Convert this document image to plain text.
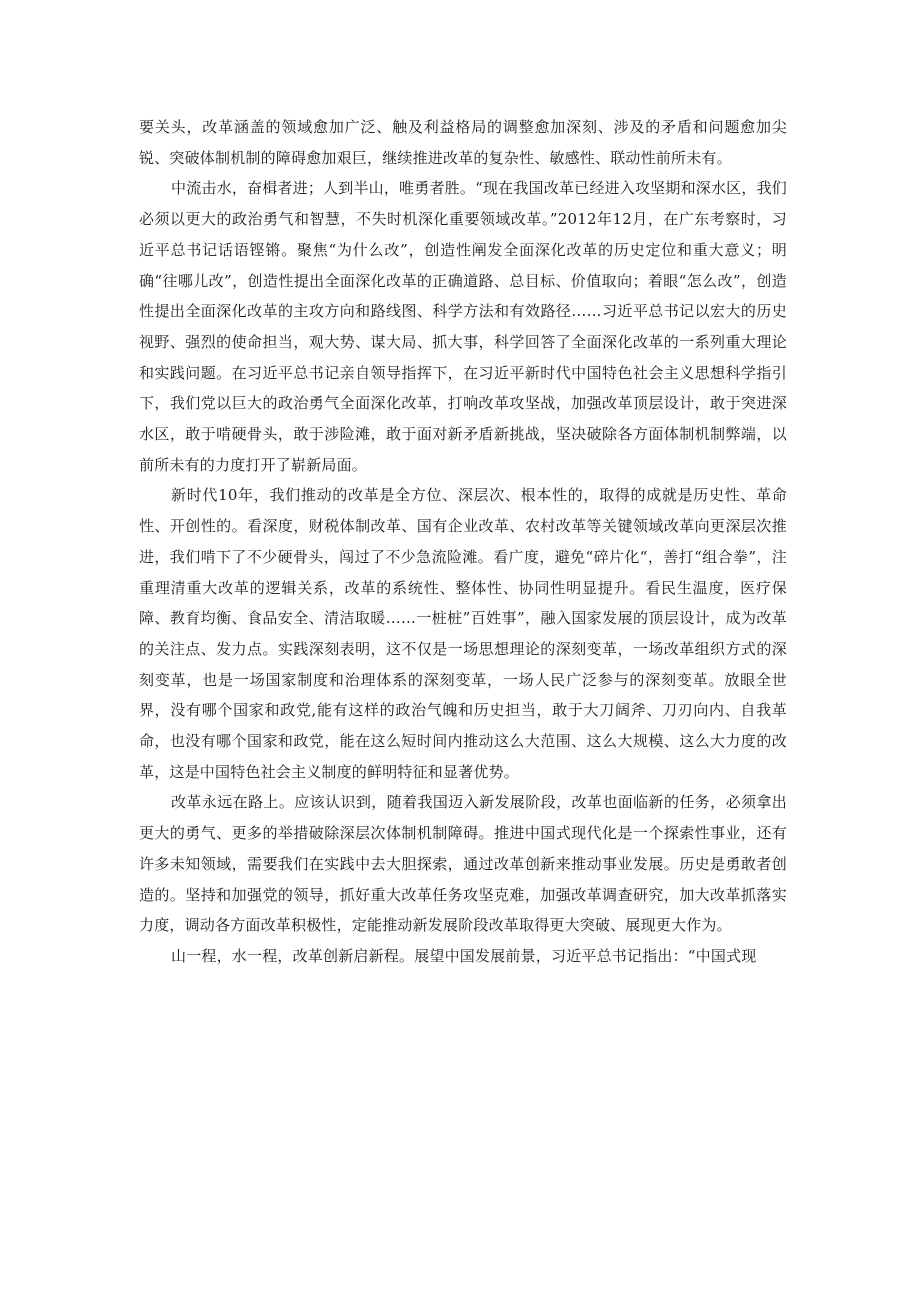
要关头，改革涵盖的领域愈加广泛、触及利益格局的调整愈加深刻、涉及的矛盾和问题愈加尖锐、突破体制机制的障碍愈加艰巨，继续推进改革的复杂性、敏感性、联动性前所未有。

中流击水，奋楫者进；人到半山，唯勇者胜。“现在我国改革已经进入攻坚期和深水区，我们必须以更大的政治勇气和智慧，不失时机深化重要领域改革。”2012年12月，在广东考察时，习近平总书记话语铿锵。聚焦“为什么改”，创造性阐发全面深化改革的历史定位和重大意义；明确“往哪儿改”，创造性提出全面深化改革的正确道路、总目标、价值取向；着眼“怎么改”，创造性提出全面深化改革的主攻方向和路线图、科学方法和有效路径……习近平总书记以宏大的历史视野、强烈的使命担当，观大势、谋大局、抓大事，科学回答了全面深化改革的一系列重大理论和实践问题。在习近平总书记亲自领导指挥下，在习近平新时代中国特色社会主义思想科学指引下，我们党以巨大的政治勇气全面深化改革，打响改革攻坚战，加强改革顶层设计，敢于突进深水区，敢于啃硬骨头，敢于涉险滩，敢于面对新矛盾新挑战，坚决破除各方面体制机制弊端，以前所未有的力度打开了崭新局面。

新时代10年，我们推动的改革是全方位、深层次、根本性的，取得的成就是历史性、革命性、开创性的。看深度，财税体制改革、国有企业改革、农村改革等关键领域改革向更深层次推进，我们啃下了不少硬骨头，闯过了不少急流险滩。看广度，避免“碎片化“，善打“组合拳”，注重理清重大改革的逻辑关系，改革的系统性、整体性、协同性明显提升。看民生温度，医疗保障、教育均衡、食品安全、清洁取暖……一桩桩”百姓事”，融入国家发展的顶层设计，成为改革的关注点、发力点。实践深刻表明，这不仅是一场思想理论的深刻变革，一场改革组织方式的深刻变革，也是一场国家制度和治理体系的深刻变革，一场人民广泛参与的深刻变革。放眼全世界，没有哪个国家和政党,能有这样的政治气魄和历史担当，敢于大刀阔斧、刀刃向内、自我革命，也没有哪个国家和政党，能在这么短时间内推动这么大范围、这么大规模、这么大力度的改革，这是中国特色社会主义制度的鲜明特征和显著优势。

改革永远在路上。应该认识到，随着我国迈入新发展阶段，改革也面临新的任务，必须拿出更大的勇气、更多的举措破除深层次体制机制障碍。推进中国式现代化是一个探索性事业，还有许多未知领域，需要我们在实践中去大胆探索，通过改革创新来推动事业发展。历史是勇敢者创造的。坚持和加强党的领导，抓好重大改革任务攻坚克难，加强改革调查研究，加大改革抓落实力度，调动各方面改革积极性，定能推动新发展阶段改革取得更大突破、展现更大作为。

山一程，水一程，改革创新启新程。展望中国发展前景，习近平总书记指出：“中国式现
